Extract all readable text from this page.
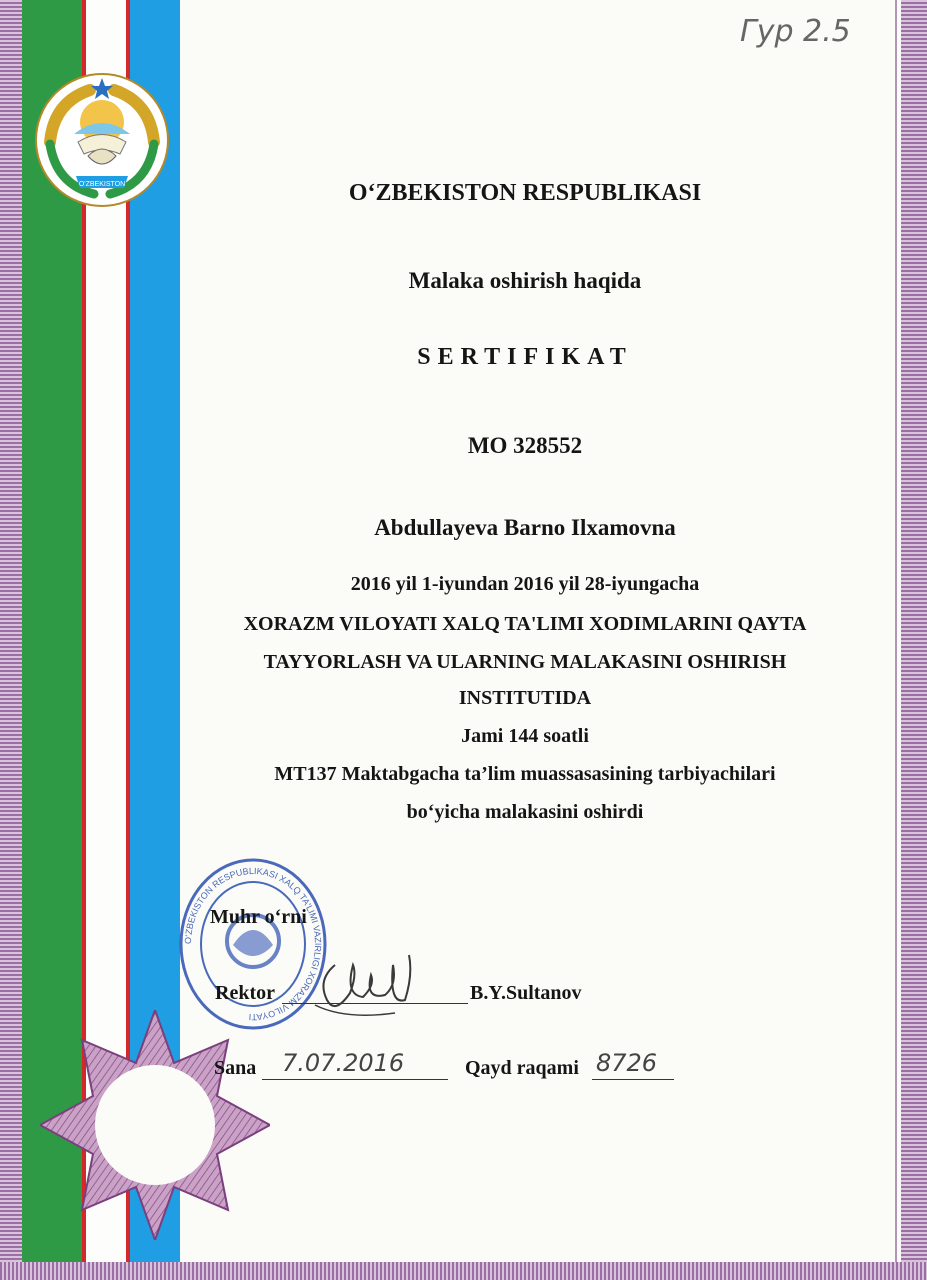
O'ZBEKISTON
Гур 2.5
O‘ZBEKISTON RESPUBLIKASI
Malaka oshirish haqida
SERTIFIKAT
MO 328552
Abdullayeva Barno Ilxamovna
2016 yil 1-iyundan 2016 yil 28-iyungacha
XORAZM VILOYATI XALQ TA'LIMI XODIMLARINI QAYTA
TAYYORLASH VA ULARNING MALAKASINI OSHIRISH
INSTITUTIDA
Jami 144 soatli
MT137 Maktabgacha ta’lim muassasasining tarbiyachilari
bo‘yicha malakasini oshirdi
O‘ZBEKISTON RESPUBLIKASI XALQ TA'LIMI VAZIRLIGI XORAZM VILOYATI
Muhr o‘rni
Rektor	B.Y.Sultanov
Sana 7.07.2016	Qayd raqami 8726
